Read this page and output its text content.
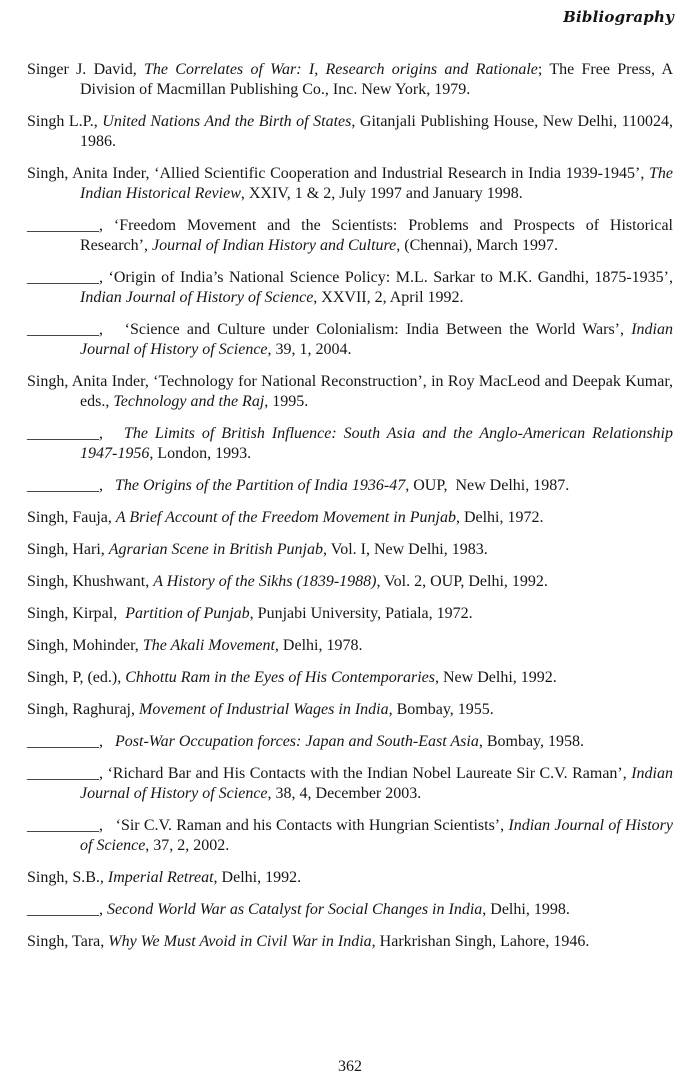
Bibliography

Singer J. David, The Correlates of War: I, Research origins and Rationale; The Free Press, A Division of Macmillan Publishing Co., Inc. New York, 1979.

Singh L.P., United Nations And the Birth of States, Gitanjali Publishing House, New Delhi, 110024, 1986.

Singh, Anita Inder, ‘Allied Scientific Cooperation and Industrial Research in India 1939-1945’, The Indian Historical Review, XXIV, 1 & 2, July 1997 and January 1998.

_________, ‘Freedom Movement and the Scientists: Problems and Prospects of Historical Research’, Journal of Indian History and Culture, (Chennai), March 1997.

_________, ‘Origin of India’s National Science Policy: M.L. Sarkar to M.K. Gandhi, 1875-1935’, Indian Journal of History of Science, XXVII, 2, April 1992.

_________,   ‘Science and Culture under Colonialism: India Between the World Wars’, Indian Journal of History of Science, 39, 1, 2004.

Singh, Anita Inder, ‘Technology for National Reconstruction’, in Roy MacLeod and Deepak Kumar, eds., Technology and the Raj, 1995.

_________,   The Limits of British Influence: South Asia and the Anglo-American Relationship 1947-1956, London, 1993.

_________,   The Origins of the Partition of India 1936-47, OUP,  New Delhi, 1987.

Singh, Fauja, A Brief Account of the Freedom Movement in Punjab, Delhi, 1972.

Singh, Hari, Agrarian Scene in British Punjab, Vol. I, New Delhi, 1983.

Singh, Khushwant, A History of the Sikhs (1839-1988), Vol. 2, OUP, Delhi, 1992.

Singh, Kirpal,  Partition of Punjab, Punjabi University, Patiala, 1972.

Singh, Mohinder, The Akali Movement, Delhi, 1978.

Singh, P, (ed.), Chhottu Ram in the Eyes of His Contemporaries, New Delhi, 1992.

Singh, Raghuraj, Movement of Industrial Wages in India, Bombay, 1955.

_________,   Post-War Occupation forces: Japan and South-East Asia, Bombay, 1958.

_________, ‘Richard Bar and His Contacts with the Indian Nobel Laureate Sir C.V. Raman’, Indian Journal of History of Science, 38, 4, December 2003.

_________,   ‘Sir C.V. Raman and his Contacts with Hungrian Scientists’, Indian Journal of History of Science, 37, 2, 2002.

Singh, S.B., Imperial Retreat, Delhi, 1992.

_________, Second World War as Catalyst for Social Changes in India, Delhi, 1998.

Singh, Tara, Why We Must Avoid in Civil War in India, Harkrishan Singh, Lahore, 1946.

362
